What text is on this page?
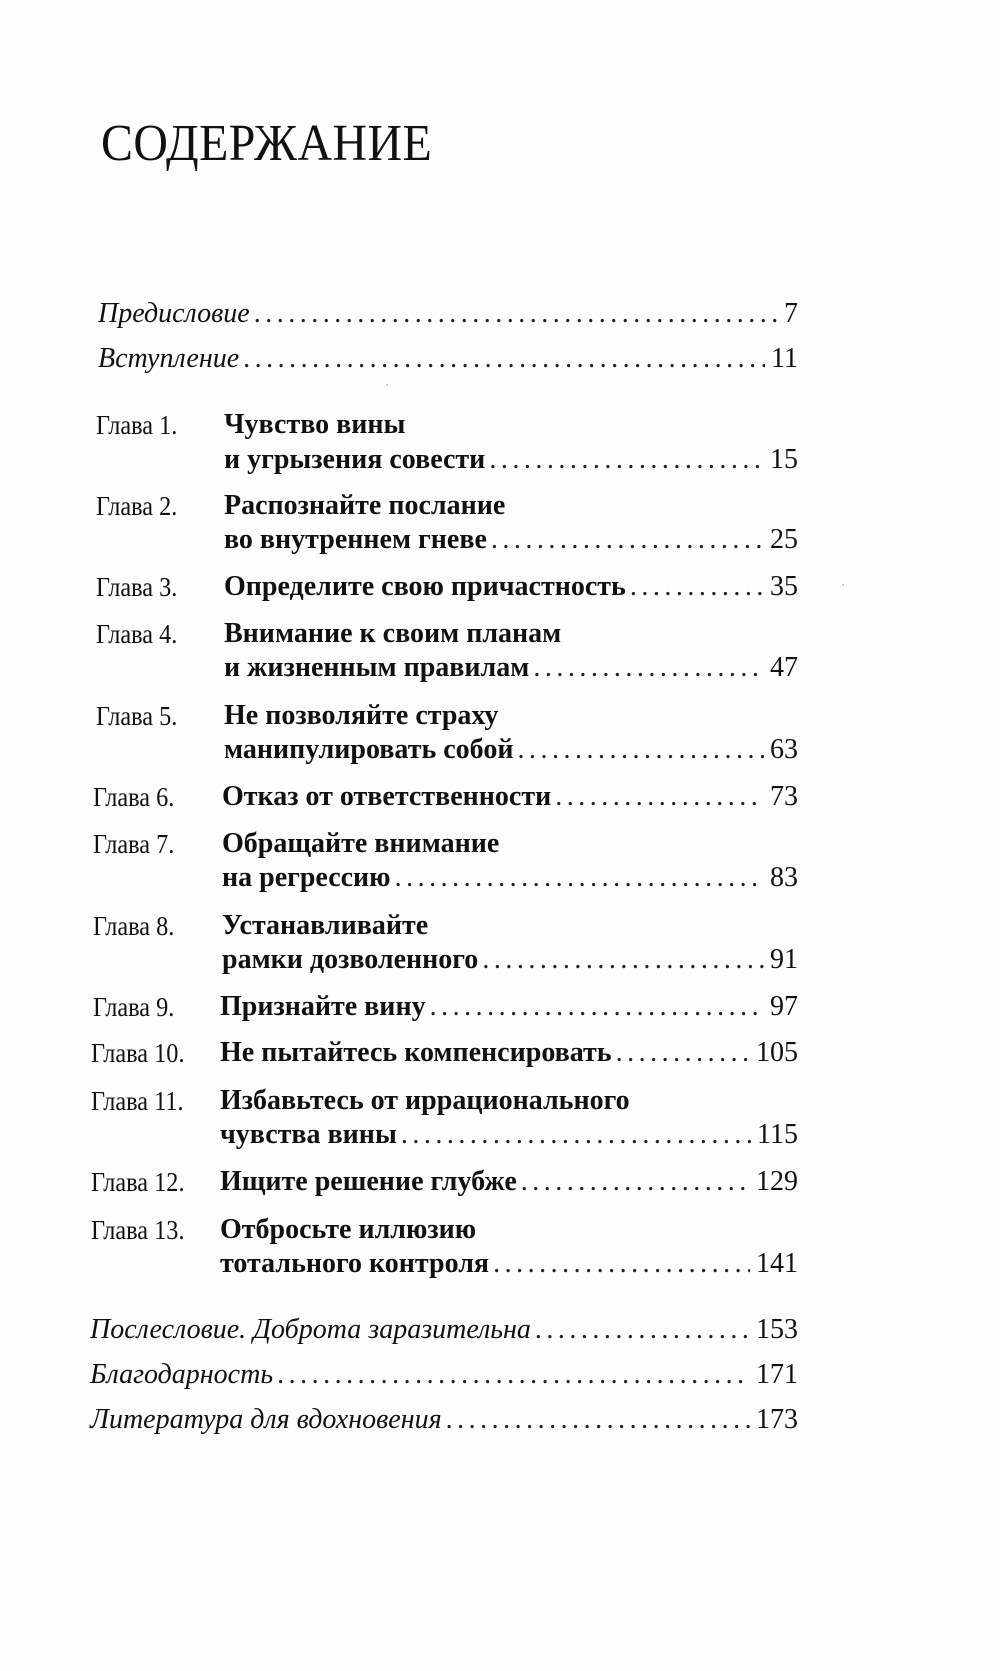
СОДЕРЖАНИЕ
Предисловие .....	7
Вступление .....	11
Глава 1. Чувство вины
и угрызения совести .....	15
Глава 2. Распознайте послание
во внутреннем гневе .....	25
Глава 3. Определите свою причастность .....	35
Глава 4. Внимание к своим планам
и жизненным правилам .....	47
Глава 5. Не позволяйте страху
манипулировать собой .....	63
Глава 6. Отказ от ответственности .....	73
Глава 7. Обращайте внимание
на регрессию .....	83
Глава 8. Устанавливайте
рамки дозволенного .....	91
Глава 9. Признайте вину .....	97
Глава 10. Не пытайтесь компенсировать .....	105
Глава 11. Избавьтесь от иррационального
чувства вины .....	115
Глава 12. Ищите решение глубже .....	129
Глава 13. Отбросьте иллюзию
тотального контроля .....	141
Послесловие. Доброта заразительна .....	153
Благодарность .....	171
Литература для вдохновения .....	173
